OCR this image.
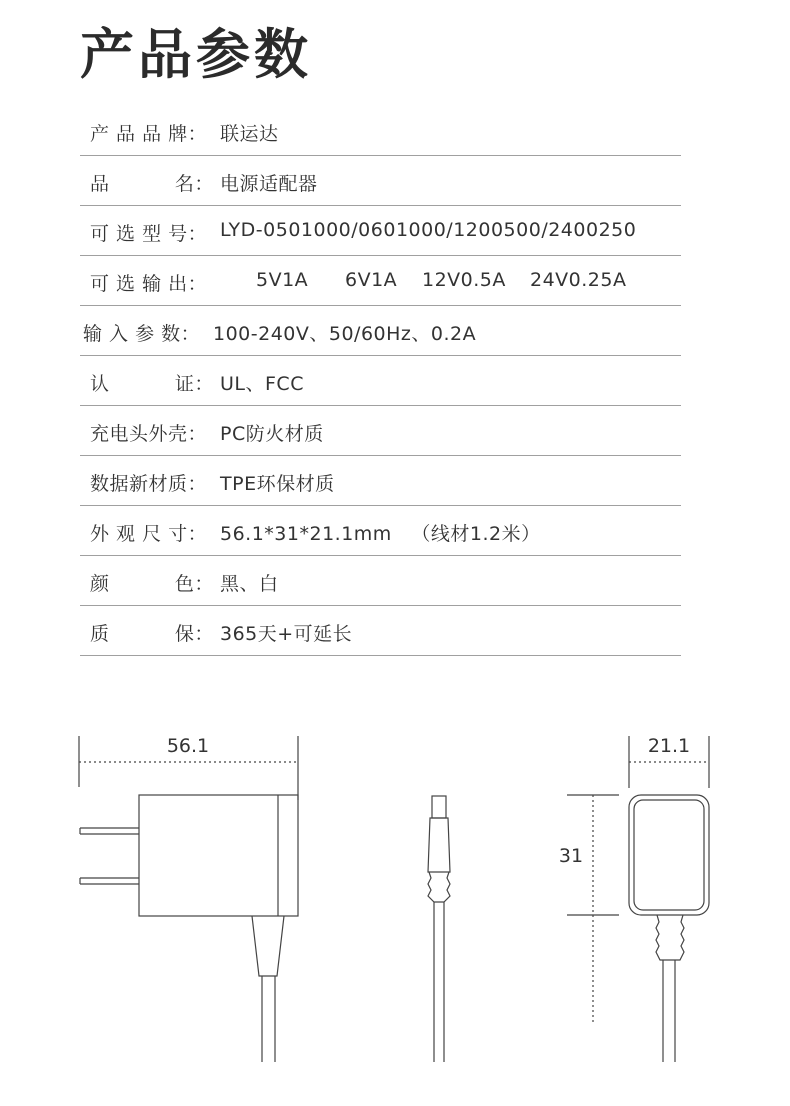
产品参数
产 品 品 牌： 联运达
品          名： 电源适配器
可 选 型 号： LYD-0501000/0601000/1200500/2400250
可 选 输 出：	5V1A 6V1A 12V0.5A 24V0.25A
输 入 参 数： 100-240V、50/60Hz、0.2A
认          证： UL、FCC
充电头外壳： PC防火材质
数据新材质： TPE环保材质
外 观 尺 寸： 56.1*31*21.1mm   （线材1.2米）
颜          色： 黑、白
质          保： 365天+可延长
56.1	21.1
31
